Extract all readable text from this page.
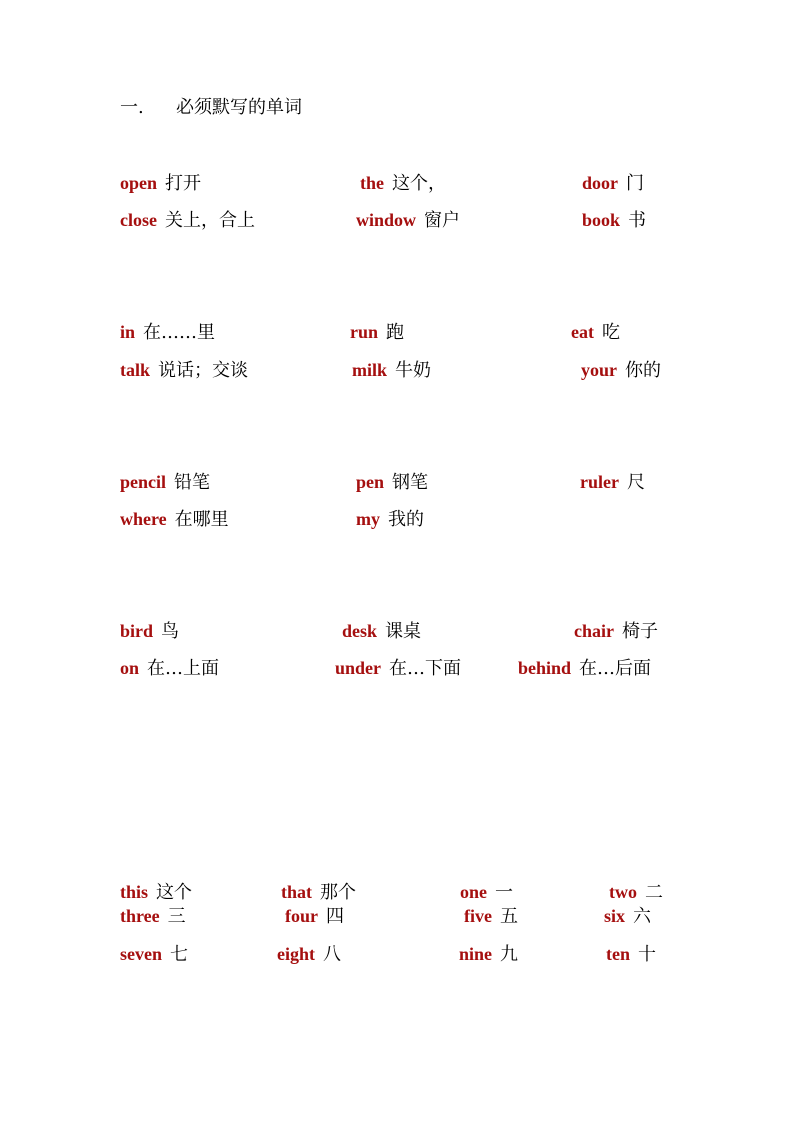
一. 必须默写的单词
open 打开	the 这个，	door 门
close 关上，合上	window 窗户	book 书
in 在……里	run 跑	eat 吃
talk 说话；交谈	milk 牛奶	your 你的
pencil 铅笔	pen 钢笔	ruler 尺
where 在哪里	my 我的
bird 鸟	desk 课桌	chair 椅子
on 在…上面	under 在…下面	behind 在…后面
this 这个	that 那个	one 一	two 二
three 三	four 四	five 五	six 六
seven 七	eight 八	nine 九	ten 十
